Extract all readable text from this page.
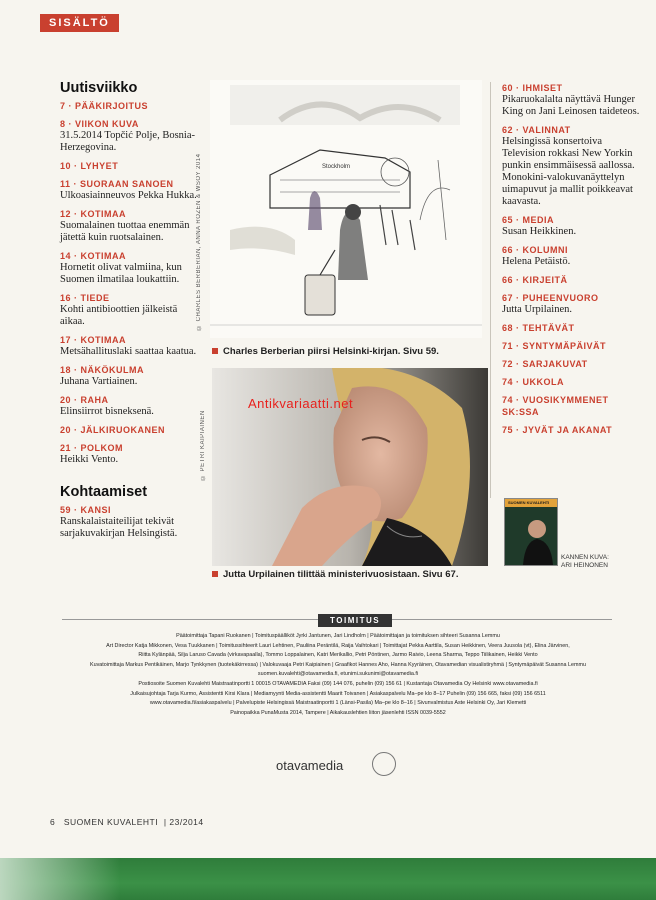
SISÄLTÖ
Uutisviikko
7 · PÄÄKIRJOITUS
8 · VIIKON KUVA
31.5.2014 Topčić Polje, Bosnia-Herzegovina.
10 · LYHYET
11 · SUORAAN SANOEN
Ulkoasiainneuvos Pekka Hukka.
12 · KOTIMAA
Suomalainen tuottaa enemmän jätettä kuin ruotsalainen.
14 · KOTIMAA
Hornetit olivat valmiina, kun Suomen ilmatilaa loukattiin.
16 · TIEDE
Kohti antibioottien jälkeistä aikaa.
17 · KOTIMAA
Metsähallituslaki saattaa kaatua.
18 · NÄKÖKULMA
Juhana Vartiainen.
20 · RAHA
Elinsiirrot bisneksenä.
20 · JÄLKIRUOKANEN
21 · POLKOM
Heikki Vento.
Kohtaamiset
59 · KANSI
Ranskalaistaiteilijat tekivät sarjakuvakirjan Helsingistä.
Stockholm
© CHARLES BERBERIAN, ANNA ROZEN & WSOY 2014
Charles Berberian piirsi Helsinki-kirjan. Sivu 59.
Antikvariaatti.net
© PETRI KAIPIAINEN
Jutta Urpilainen tilittää ministerivuosistaan. Sivu 67.
60 · IHMISET
Pikaruokalalta näyttävä Hunger King on Jani Leinosen taideteos.
62 · VALINNAT
Helsingissä konsertoiva Television rokkasi New Yorkin punkin ensimmäisessä aallossa. Monokini-valokuvanäyttelyn uimapuvut ja mallit poikkeavat kaavasta.
65 · MEDIA
Susan Heikkinen.
66 · KOLUMNI
Helena Petäistö.
66 · KIRJEITÄ
67 · PUHEENVUORO
Jutta Urpilainen.
68 · TEHTÄVÄT
71 · SYNTYMÄPÄIVÄT
72 · SARJAKUVAT
74 · UKKOLA
74 · VUOSIKYMMENET SK:SSA
75 · JYVÄT JA AKANAT
SUOMEN KUVALEHTI
KANNEN KUVA:
ARI HEINONEN
TOIMITUS
Päätoimittaja Tapani Ruokanen | Toimituspäälliköt Jyrki Jantunen, Jari Lindholm | Päätoimittajan ja toimituksen sihteeri Susanna Lemmu
Art Director Katja Mikkonen, Vesa Tuukkanen | Toimitussihteerit Lauri Lehtinen, Pauliina Peräntilä, Raija Vaihtokari | Toimittajat Pekka Aarttila, Susan Heikkinen, Veera Juusola (vt), Elina Järvinen,
Riitta Kylänpää, Silja Laruso Cavada (virkavapaalla), Tommo Loppalainen, Katri Merikallio, Petri Pöntinen, Jarmo Raivio, Leena Sharma, Teppo Tiilikainen, Heikki Vento
Kuvatoimittaja Markus Pentikäinen, Marjo Tynkkynen (tuotekäkirressa) | Valokuvaaja Petri Kaipiainen | Graafikot Hannes Aho, Hanna Kyyräinen, Otavamedian visualistiryhmä | Syntymäpäivät Susanna Lemmu
suomen.kuvalehti@otavamedia.fi, etunimi.sukunimi@otavamedia.fi
Postiosoite Suomen Kuvalehti Maistraatinportti 1 00015 OTAVAMEDIA Faksi (09) 144 076, puhelin (09) 156 61 | Kustantaja Otavamedia Oy Helsinki www.otavamedia.fi
Julkaisujohtaja Tarja Kurmo, Assistentti Kirsi Klara | Mediamyynti Media-assistentti Maarit Toivanen | Asiakaspalvelu Ma–pe klo 8–17 Puhelin (09) 156 665, faksi (09) 156 6511
www.otavamedia.fi/asiakaspalvelu | Palvelupiste Helsingissä Maistraatinportti 1 (Länsi-Pasila) Ma–pe klo 8–16 | Sivunvalmistus Aste Helsinki Oy, Jari Klemetti
Painopaikka PunaMusta 2014, Tampere | Aikakauslehtien liiton jäsenlehti ISSN 0039-5552
otavamedia
6 SUOMEN KUVALEHTI  | 23/2014
